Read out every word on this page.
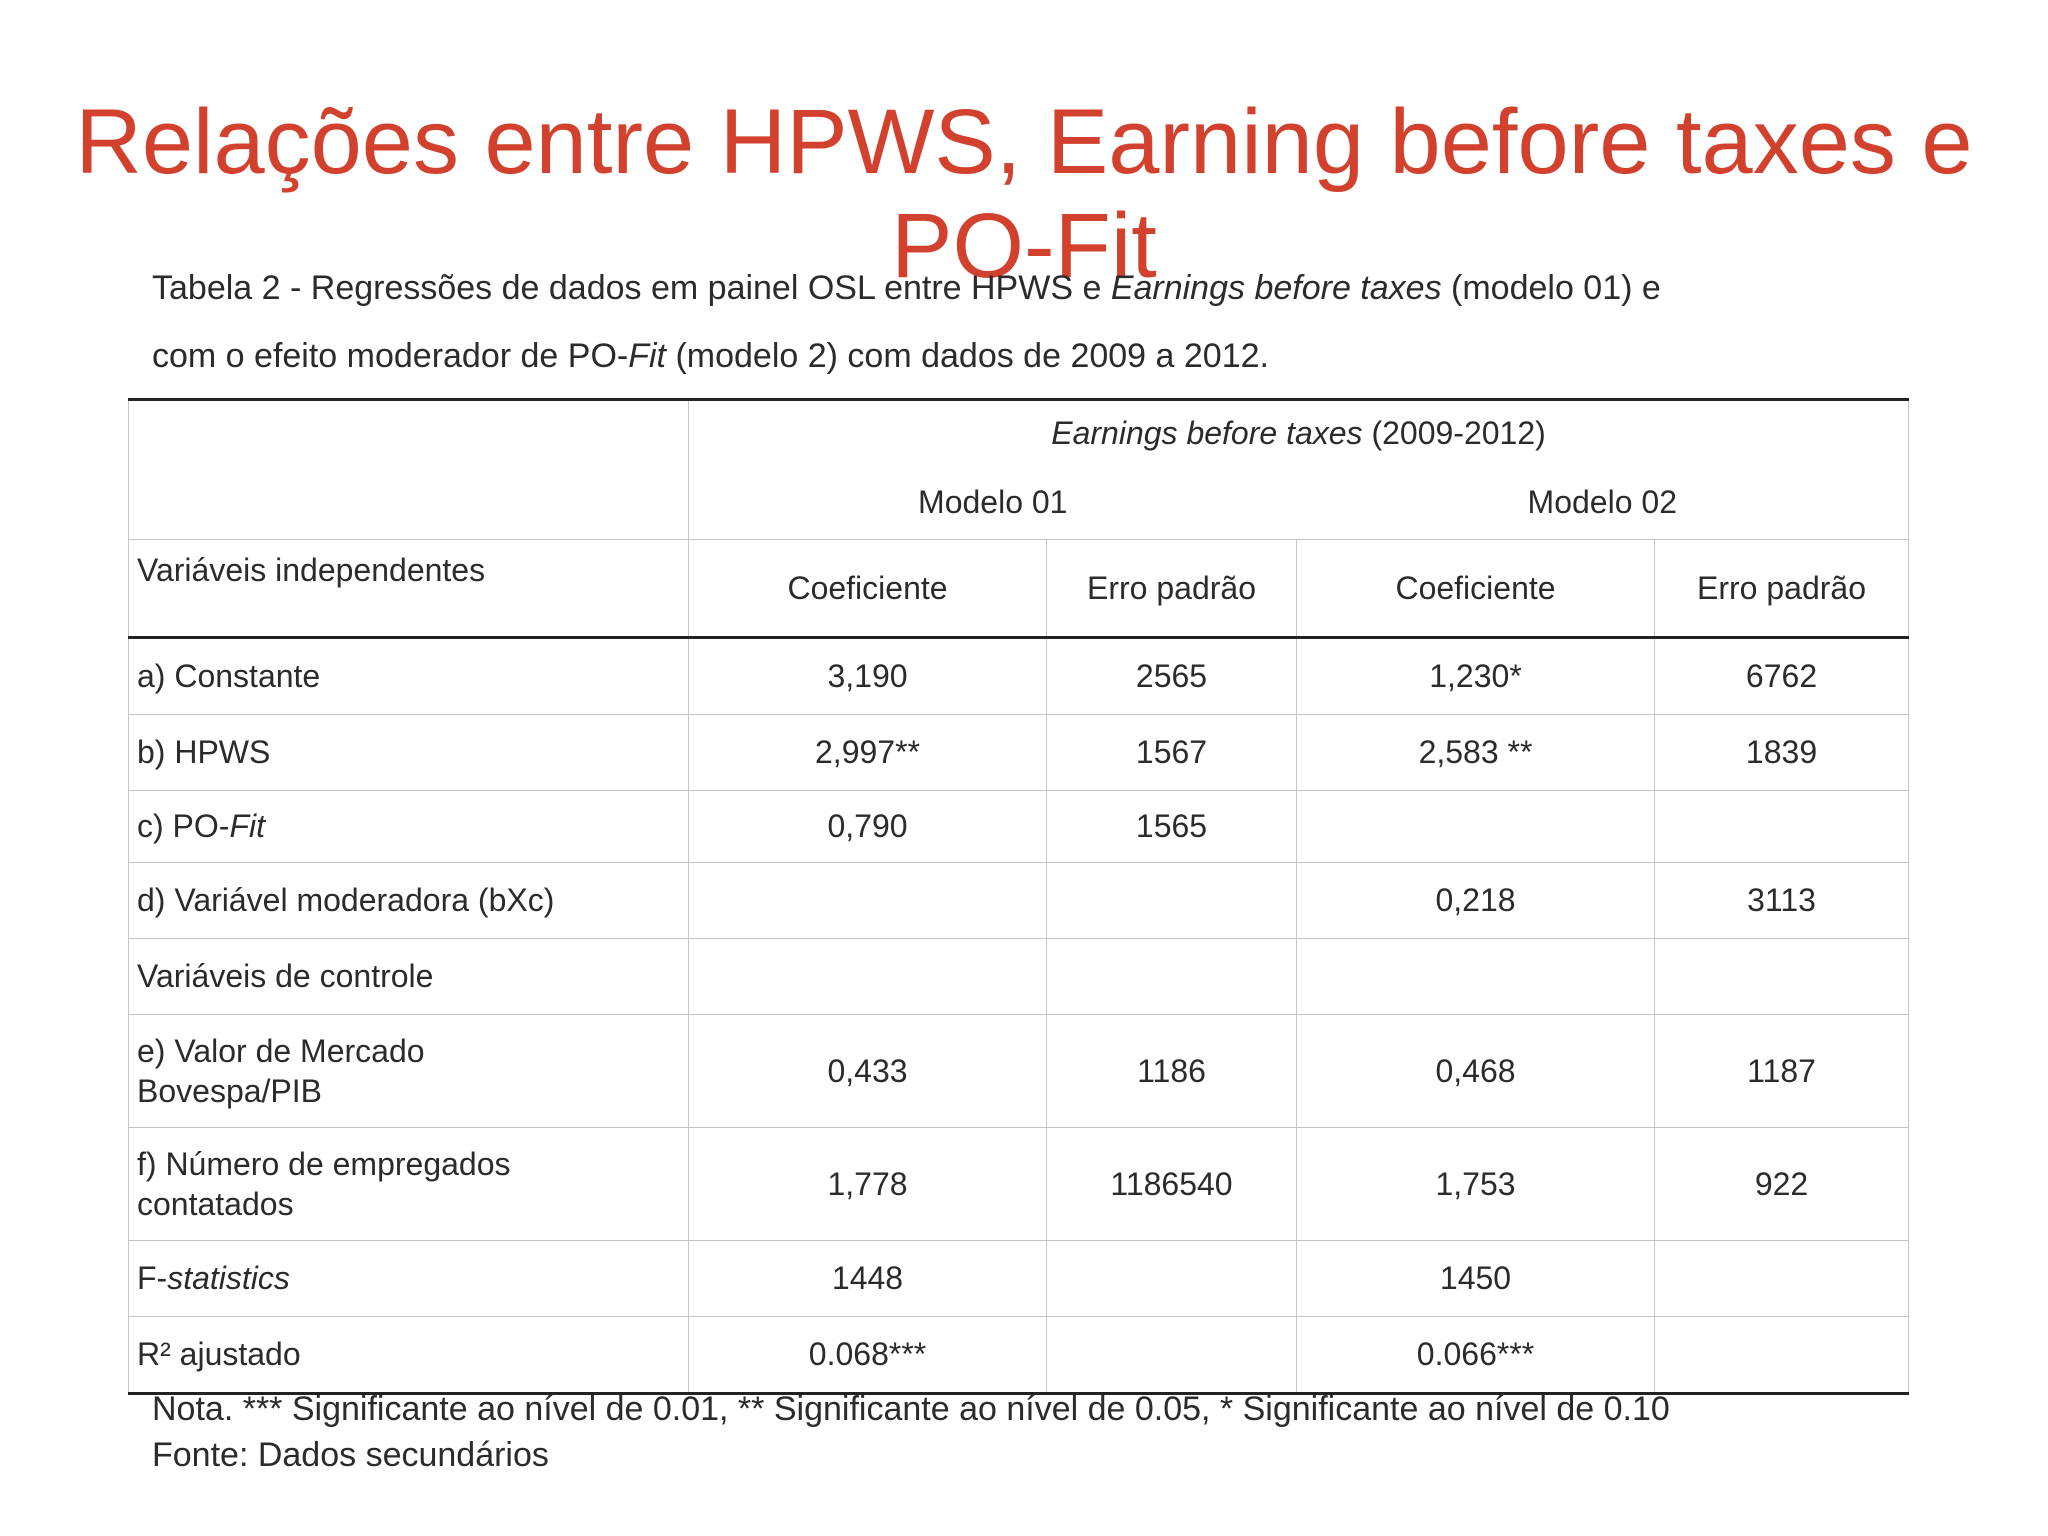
Relações entre HPWS, Earning before taxes e
PO-Fit
Tabela 2 - Regressões de dados em painel OSL entre HPWS e Earnings before taxes (modelo 01) e
com o efeito moderador de PO-Fit (modelo 2) com dados de 2009 a 2012.
	Earnings before taxes (2009-2012)			
	Modelo 01		Modelo 02	
Variáveis independentes	Coeficiente	Erro padrão	Coeficiente	Erro padrão
a) Constante	3,190	2565	1,230*	6762
b) HPWS	2,997**	1567	2,583 **	1839
c) PO-Fit	0,790	1565		
d) Variável moderadora (bXc)			0,218	3113
Variáveis de controle				

e) Valor de Mercado
Bovespa/PIB	0,433	1186	0,468	1187

f) Número de empregados
contatados	1,778	1186540	1,753	922
F-statistics	1448		1450	
R² ajustado	0.068***		0.066***	
Nota. *** Significante ao nível de 0.01, ** Significante ao nível de 0.05, * Significante ao nível de 0.10
Fonte: Dados secundários
